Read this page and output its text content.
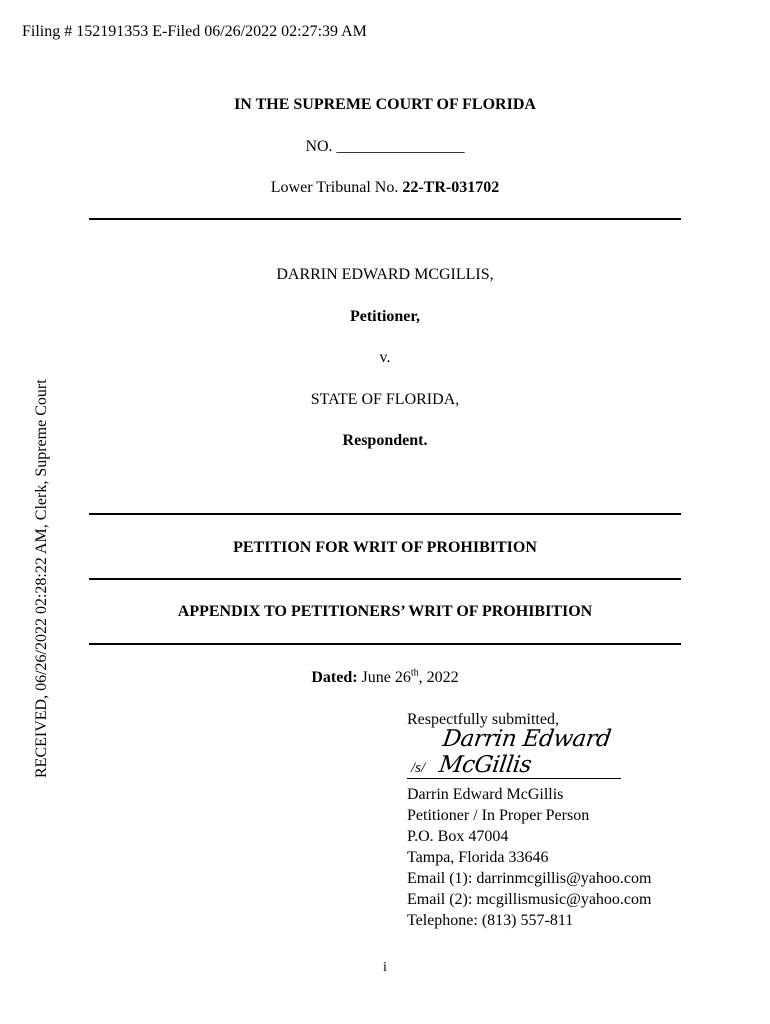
Filing # 152191353 E-Filed 06/26/2022 02:27:39 AM
RECEIVED, 06/26/2022 02:28:22 AM, Clerk, Supreme Court
IN THE SUPREME COURT OF FLORIDA
NO. ________________
Lower Tribunal No. 22-TR-031702
DARRIN EDWARD MCGILLIS,
Petitioner,
v.
STATE OF FLORIDA,
Respondent.
PETITION FOR WRIT OF PROHIBITION
APPENDIX TO PETITIONERS’ WRIT OF PROHIBITION
Dated: June 26th, 2022
Respectfully submitted,
/s/
Darrin Edward McGillis
Darrin Edward McGillis
Petitioner / In Proper Person
P.O. Box 47004
Tampa, Florida 33646
Email (1): darrinmcgillis@yahoo.com
Email (2): mcgillismusic@yahoo.com
Telephone: (813) 557-811
i
